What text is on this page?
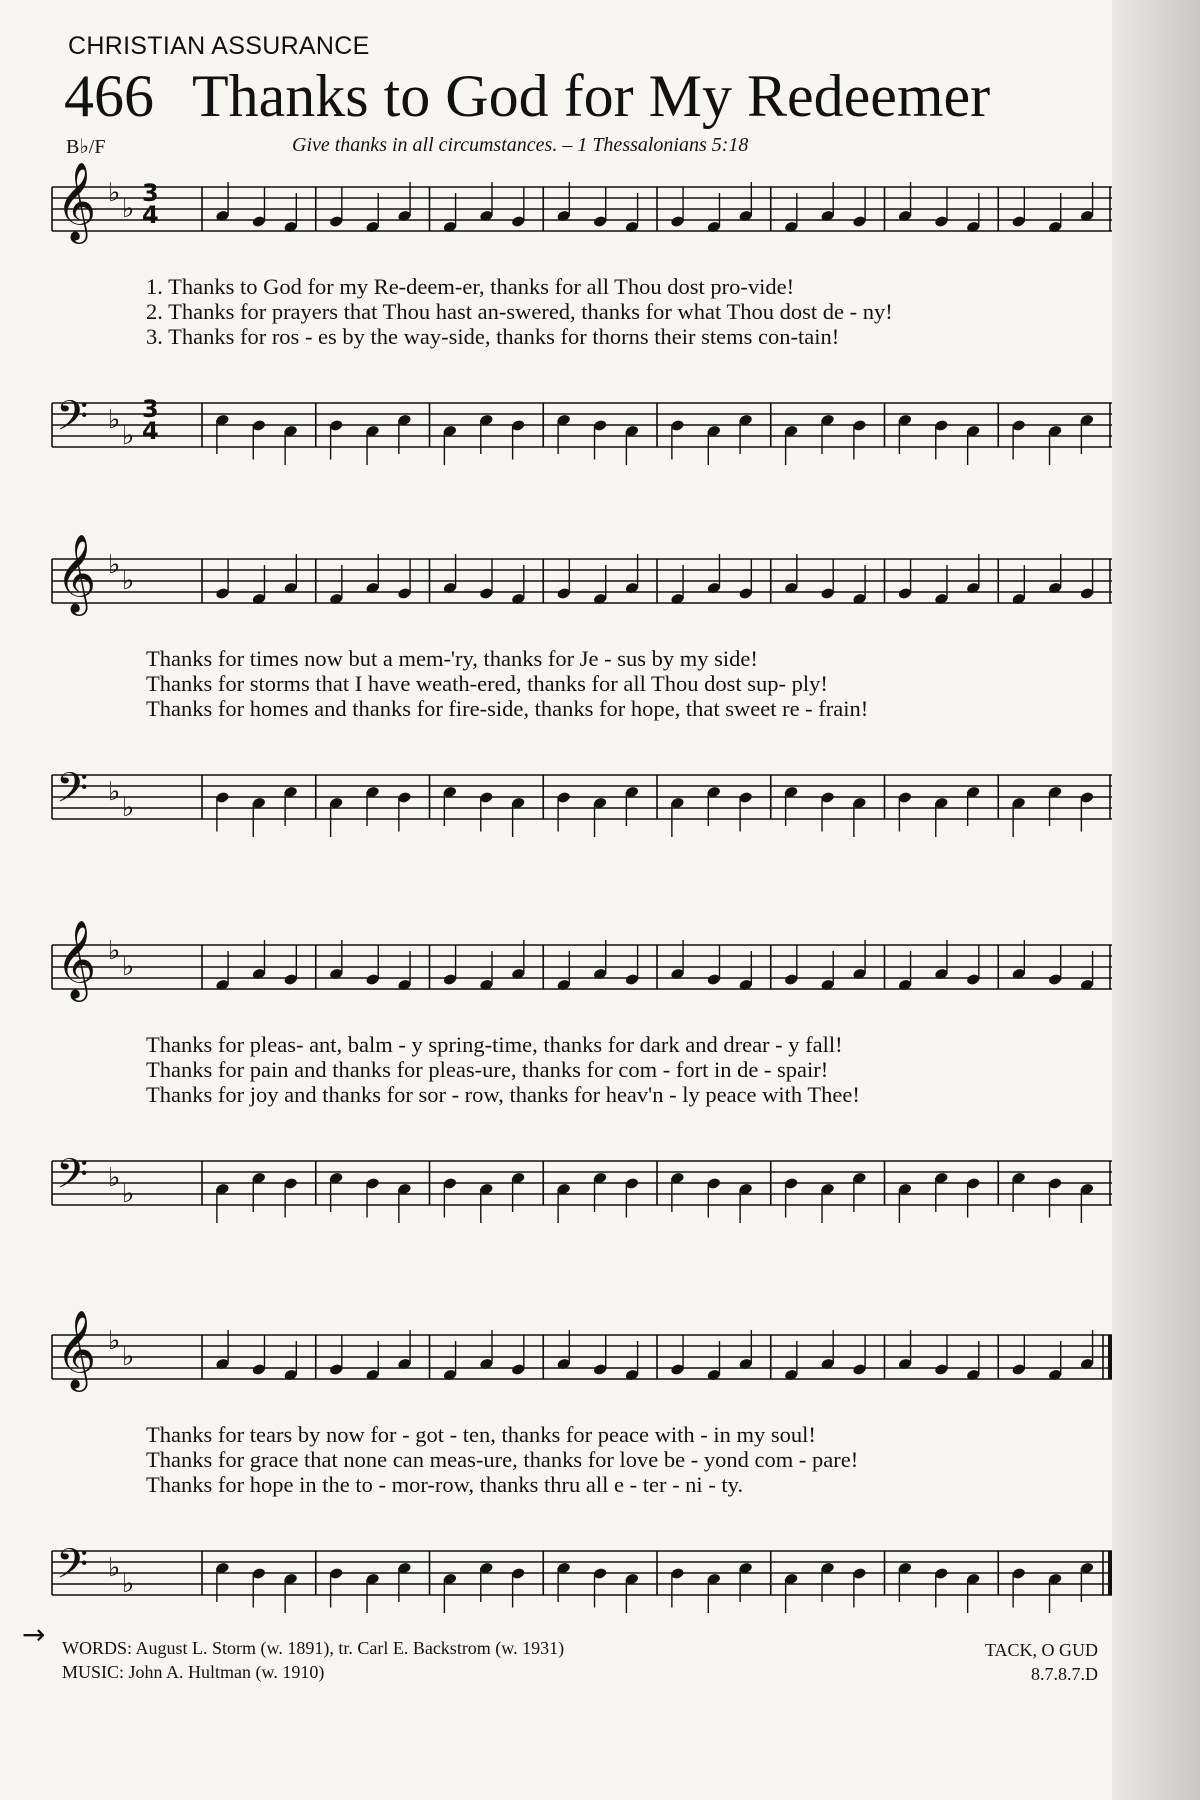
CHRISTIAN ASSURANCE
466 Thanks to God for My Redeemer
B♭/F	Give thanks in all circumstances. – 1 Thessalonians 5:18
𝄞 ♭
♭
3
4
𝄢 ♭
♭
3
4
1. Thanks to God for my Re-deem-er, thanks for all Thou dost pro-vide!
2. Thanks for prayers that Thou hast an-swered, thanks for what Thou dost de - ny!
3. Thanks for ros - es by the way-side, thanks for thorns their stems con-tain!
𝄞 ♭
♭
𝄢 ♭
♭
Thanks for times now but a mem-'ry, thanks for Je - sus by my side!
Thanks for storms that I have weath-ered, thanks for all Thou dost sup- ply!
Thanks for homes and thanks for fire-side, thanks for hope, that sweet re - frain!
𝄞 ♭
♭
𝄢 ♭
♭
Thanks for pleas- ant, balm - y spring-time, thanks for dark and drear - y fall!
Thanks for pain and thanks for pleas-ure, thanks for com - fort in de - spair!
Thanks for joy and thanks for sor - row, thanks for heav'n - ly peace with Thee!
𝄞 ♭
♭
𝄢 ♭
♭
Thanks for tears by now for - got - ten, thanks for peace with - in my soul!
Thanks for grace that none can meas-ure, thanks for love be - yond com - pare!
Thanks for hope in the to - mor-row, thanks thru all e - ter - ni - ty.
→ WORDS: August L. Storm (w. 1891), tr. Carl E. Backstrom (w. 1931)
MUSIC: John A. Hultman (w. 1910)
TACK, O GUD
8.7.8.7.D
